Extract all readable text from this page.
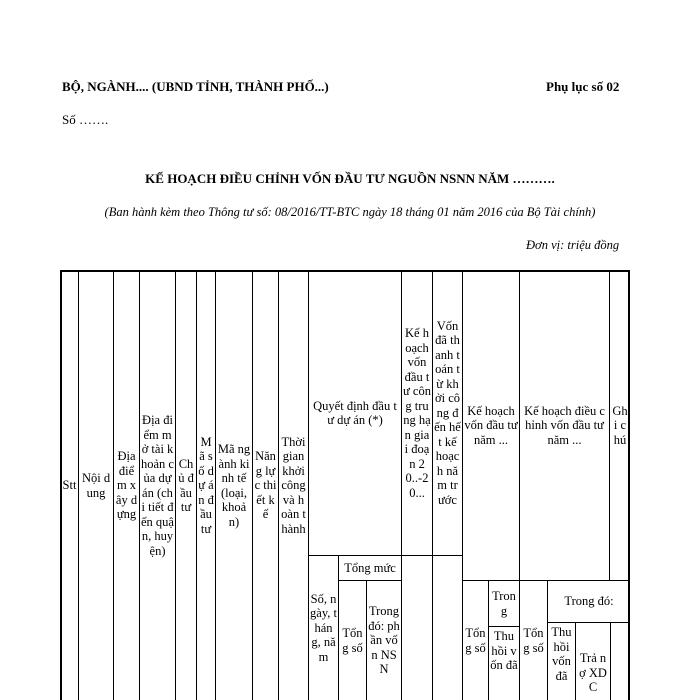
BỘ, NGÀNH.... (UBND TỈNH, THÀNH PHỐ...)	Phụ lục số 02
Số …….
KẾ HOẠCH ĐIỀU CHỈNH VỐN ĐẦU TƯ NGUỒN NSNN NĂM ……….
(Ban hành kèm theo Thông tư số: 08/2016/TT-BTC ngày 18 tháng 01 năm 2016 của Bộ Tài chính)
Đơn vị: triệu đồng
Stt
Nội dung
Địa điểm xây dựng
Địa điểm mở tài khoản của dự án (chi tiết đến quận, huyện)
Chủ đầu tư
Mã số dự án đầu tư
Mã ngành kinh tế (loại, khoản)
Năng lực thiết kế
Thời gian khởi công và hoàn thành
Quyết định đầu tư dự án (*)
Số, ngày, tháng, năm
Tổng mức
Tổng số
Trong đó: phần vốn NSN
Kế hoạch vốn đầu tư công trung hạn giai đoạn 20..-20...
Vốn đã thanh toán từ khởi công đến hết kế hoạch năm trước
Kế hoạch vốn đầu tư năm ...
Tổng số
Trong
Thu hồi vốn đã
Kế hoạch điều chỉnh vốn đầu tư năm ...
Tổng số
Trong đó:
Thu hồi vốn đã
Trả nợ XDC
Ghi chú
